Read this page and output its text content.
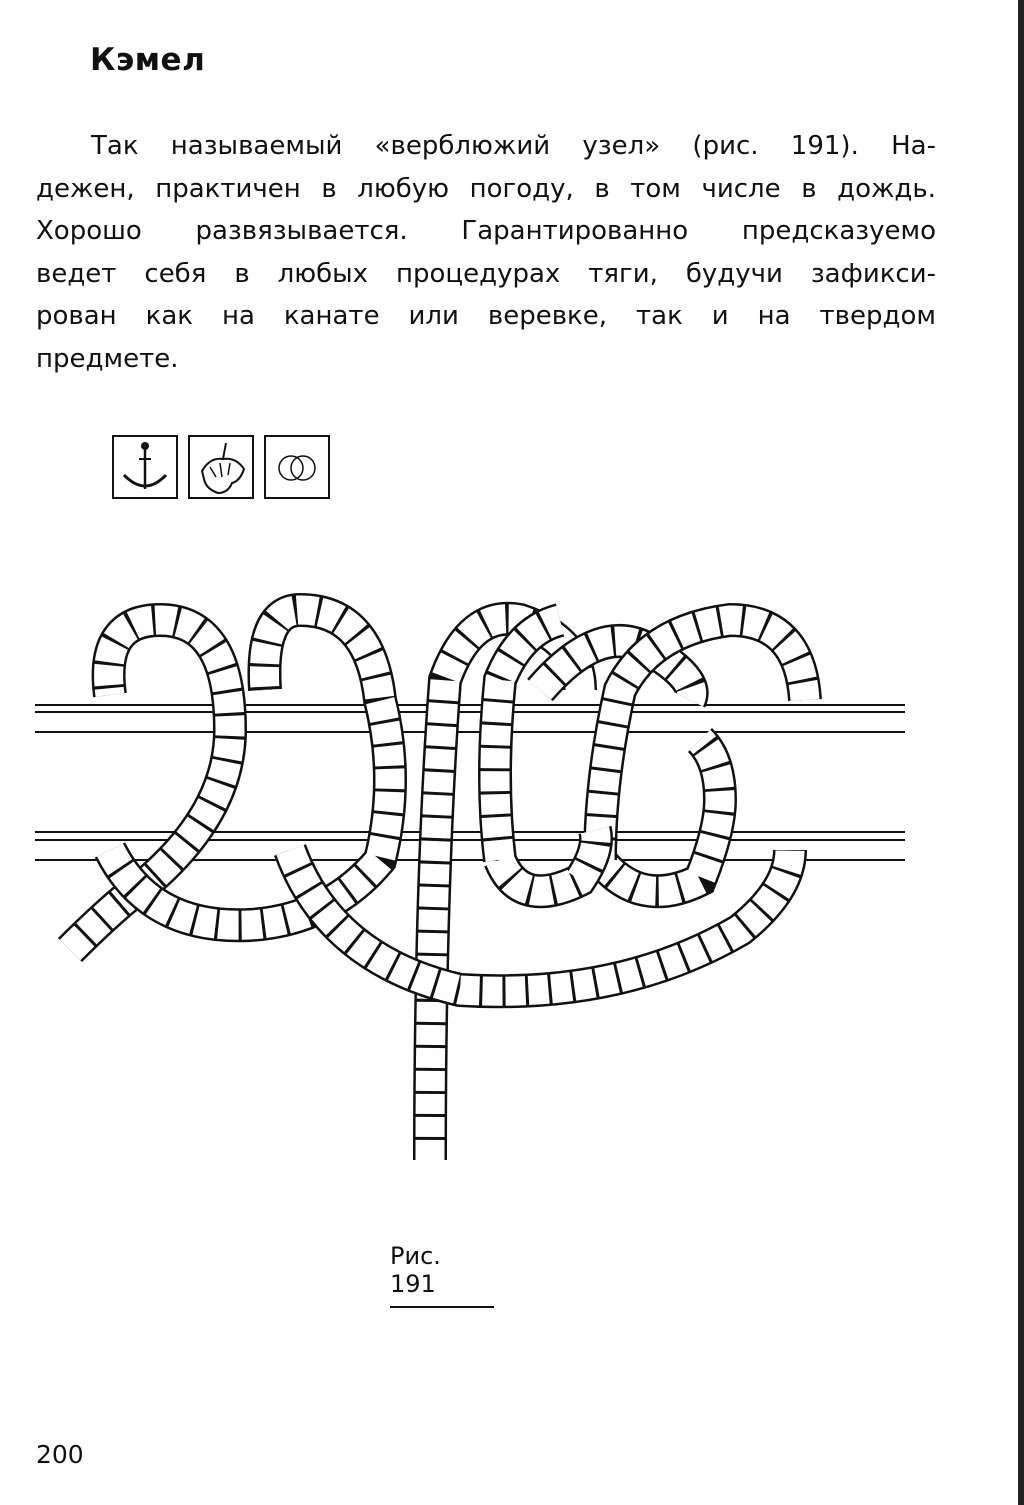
Кэмел
Так называемый «верблюжий узел» (рис. 191). На-
дежен, практичен в любую погоду, в том числе в дождь.
Хорошо развязывается. Гарантированно предсказуемо
ведет себя в любых процедурах тяги, будучи зафикси-
рован как на канате или веревке, так и на твердом
предмете.
Рис. 191
200
